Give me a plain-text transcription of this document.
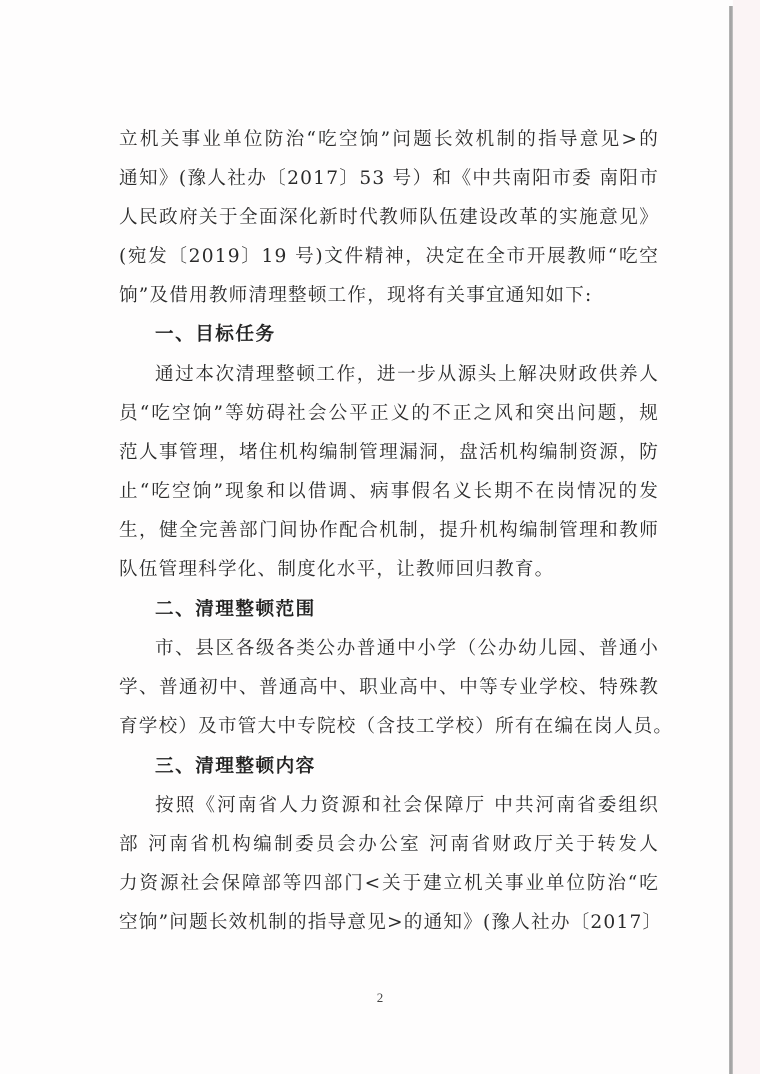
立机关事业单位防治“吃空饷”问题长效机制的指导意见>的
通知》(豫人社办〔2017〕53 号）和《中共南阳市委 南阳市
人民政府关于全面深化新时代教师队伍建设改革的实施意见》
(宛发〔2019〕19 号)文件精神，决定在全市开展教师“吃空
饷”及借用教师清理整顿工作，现将有关事宜通知如下:
一、目标任务
通过本次清理整顿工作，进一步从源头上解决财政供养人
员“吃空饷”等妨碍社会公平正义的不正之风和突出问题，规
范人事管理，堵住机构编制管理漏洞，盘活机构编制资源，防
止“吃空饷”现象和以借调、病事假名义长期不在岗情况的发
生，健全完善部门间协作配合机制，提升机构编制管理和教师
队伍管理科学化、制度化水平，让教师回归教育。
二、清理整顿范围
市、县区各级各类公办普通中小学（公办幼儿园、普通小
学、普通初中、普通高中、职业高中、中等专业学校、特殊教
育学校）及市管大中专院校（含技工学校）所有在编在岗人员。
三、清理整顿内容
按照《河南省人力资源和社会保障厅 中共河南省委组织
部 河南省机构编制委员会办公室 河南省财政厅关于转发人
力资源社会保障部等四部门<关于建立机关事业单位防治“吃
空饷”问题长效机制的指导意见>的通知》(豫人社办〔2017〕
2
